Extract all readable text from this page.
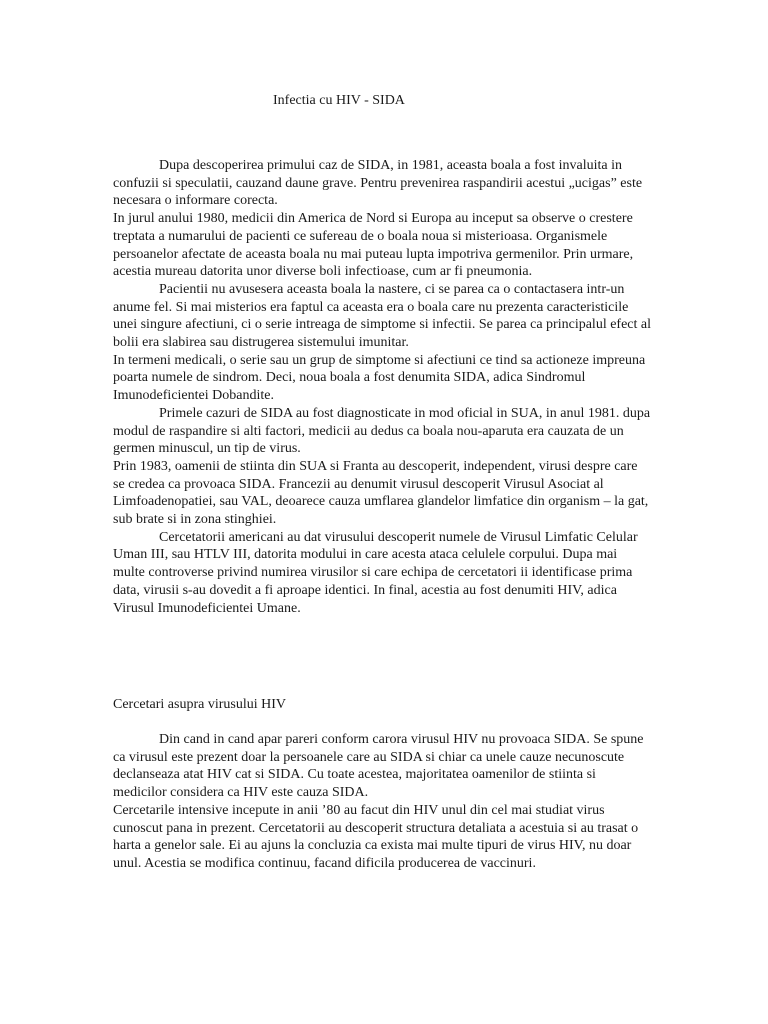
Infectia cu HIV - SIDA

Dupa descoperirea primului caz de SIDA, in 1981, aceasta boala a fost invaluita in confuzii si speculatii, cauzand daune grave. Pentru prevenirea raspandirii acestui „ucigas” este necesara o informare corecta.

In jurul anului 1980, medicii din America de Nord si Europa au inceput sa observe o crestere treptata a numarului de pacienti ce sufereau de o boala noua si misterioasa. Organismele persoanelor afectate de aceasta boala nu mai puteau lupta impotriva germenilor. Prin urmare, acestia mureau datorita unor diverse boli infectioase, cum ar fi pneumonia.

Pacientii nu avusesera aceasta boala la nastere, ci se parea ca o contactasera intr-un anume fel. Si mai misterios era faptul ca aceasta era o boala care nu prezenta caracteristicile unei singure afectiuni, ci o serie intreaga de simptome si infectii. Se parea ca principalul efect al bolii era slabirea sau distrugerea sistemului imunitar.

In termeni medicali, o serie sau un grup de simptome si afectiuni ce tind sa actioneze impreuna poarta numele de sindrom. Deci, noua boala a fost denumita SIDA, adica Sindromul Imunodeficientei Dobandite.

Primele cazuri de SIDA au fost diagnosticate in mod oficial in SUA, in anul 1981. dupa modul de raspandire si alti factori, medicii au dedus ca boala nou-aparuta era cauzata de un germen minuscul, un tip de virus.

Prin 1983, oamenii de stiinta din SUA si Franta au descoperit, independent, virusi despre care se credea ca provoaca SIDA. Francezii au denumit virusul descoperit Virusul Asociat al Limfoadenopatiei, sau VAL, deoarece cauza umflarea glandelor limfatice din organism – la gat, sub brate si in zona stinghiei.

Cercetatorii americani au dat virusului descoperit numele de Virusul Limfatic Celular Uman III, sau HTLV III, datorita modului in care acesta ataca celulele corpului. Dupa mai multe controverse privind numirea virusilor si care echipa de cercetatori ii identificase prima data, virusii s-au dovedit a fi aproape identici. In final, acestia au fost denumiti HIV, adica Virusul Imunodeficientei Umane.

Cercetari asupra virusului HIV

Din cand in cand apar pareri conform carora virusul HIV nu provoaca SIDA. Se spune ca virusul este prezent doar la persoanele care au SIDA si chiar ca unele cauze necunoscute declanseaza atat HIV cat si SIDA. Cu toate acestea, majoritatea oamenilor de stiinta si medicilor considera ca HIV este cauza SIDA.

Cercetarile intensive incepute in anii ’80 au facut din HIV unul din cel mai studiat virus cunoscut pana in prezent. Cercetatorii au descoperit structura detaliata a acestuia si au trasat o harta a genelor sale. Ei au ajuns la concluzia ca exista mai multe tipuri de virus HIV, nu doar unul. Acestia se modifica continuu, facand dificila producerea de vaccinuri.
